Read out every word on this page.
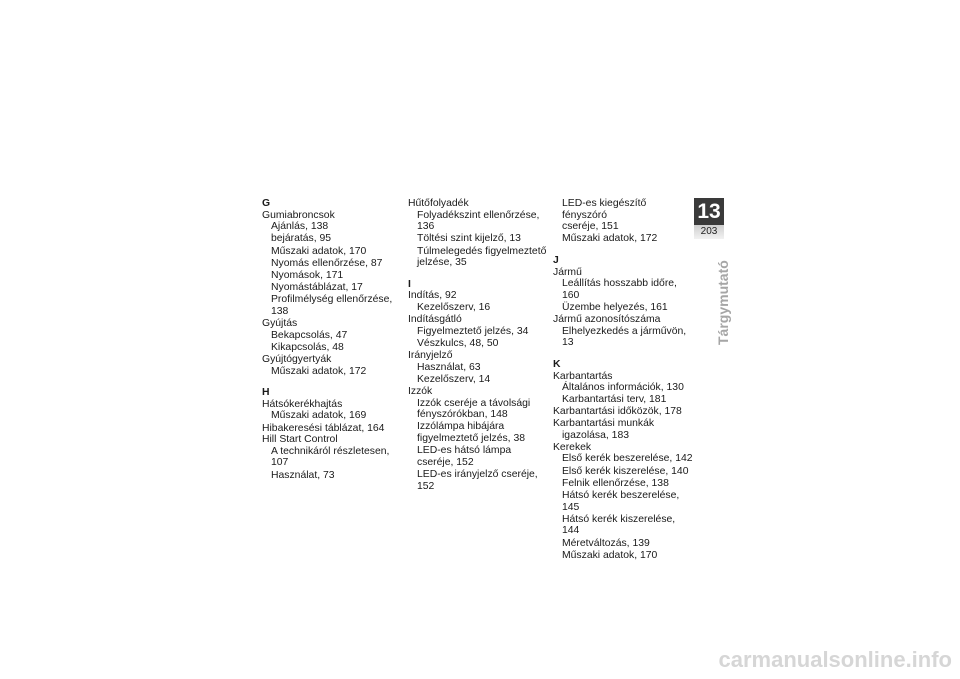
G
Gumiabroncsok
Ajánlás, 138
bejáratás, 95
Műszaki adatok, 170
Nyomás ellenőrzése, 87
Nyomások, 171
Nyomástáblázat, 17
Profilmélység ellenőrzése, 138
Gyújtás
Bekapcsolás, 47
Kikapcsolás, 48
Gyújtógyertyák
Műszaki adatok, 172
H
Hátsókerékhajtás
Műszaki adatok, 169
Hibakeresési táblázat, 164
Hill Start Control
A technikáról részletesen, 107
Használat, 73
Hűtőfolyadék
Folyadékszint ellenőrzése, 136
Töltési szint kijelző, 13
Túlmelegedés figyelmeztető
jelzése, 35
I
Indítás, 92
Kezelőszerv, 16
Indításgátló
Figyelmeztető jelzés, 34
Vészkulcs, 48, 50
Irányjelző
Használat, 63
Kezelőszerv, 14
Izzók
Izzók cseréje a távolsági
fényszórókban, 148
Izzólámpa hibájára
figyelmeztető jelzés, 38
LED-es hátsó lámpa
cseréje, 152
LED-es irányjelző cseréje, 152
LED-es kiegészítő fényszóró
cseréje, 151
Műszaki adatok, 172
J
Jármű
Leállítás hosszabb időre, 160
Üzembe helyezés, 161
Jármű azonosítószáma
Elhelyezkedés a járművön, 13
K
Karbantartás
Általános információk, 130
Karbantartási terv, 181
Karbantartási időközök, 178
Karbantartási munkák
igazolása, 183
Kerekek
Első kerék beszerelése, 142
Első kerék kiszerelése, 140
Felnik ellenőrzése, 138
Hátsó kerék beszerelése, 145
Hátsó kerék kiszerelése, 144
Méretváltozás, 139
Műszaki adatok, 170
13
203
Tárgymutató
carmanualsonline.info
